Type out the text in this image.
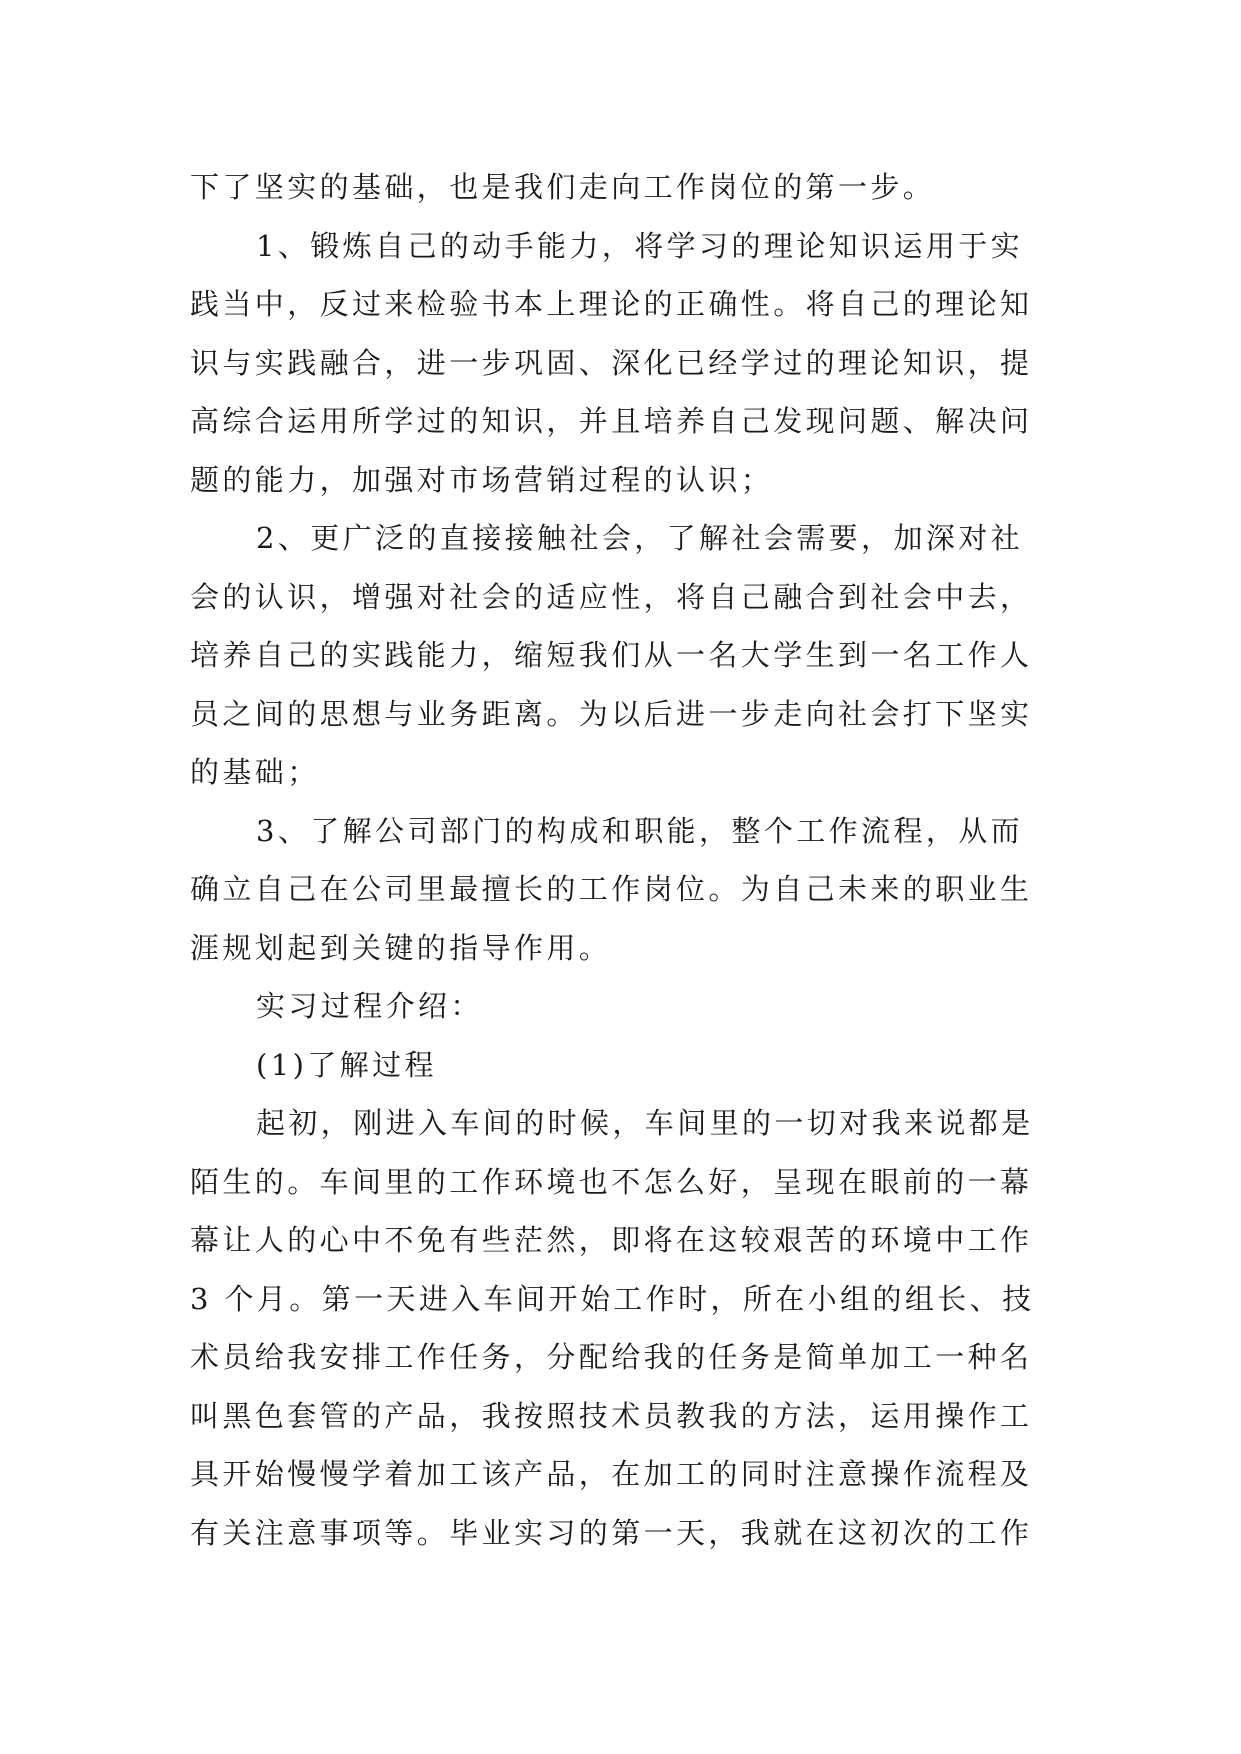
下了坚实的基础，也是我们走向工作岗位的第一步。
1、锻炼自己的动手能力，将学习的理论知识运用于实
践当中，反过来检验书本上理论的正确性。将自己的理论知
识与实践融合，进一步巩固、深化已经学过的理论知识，提
高综合运用所学过的知识，并且培养自己发现问题、解决问
题的能力，加强对市场营销过程的认识；
2、更广泛的直接接触社会，了解社会需要，加深对社
会的认识，增强对社会的适应性，将自己融合到社会中去，
培养自己的实践能力，缩短我们从一名大学生到一名工作人
员之间的思想与业务距离。为以后进一步走向社会打下坚实
的基础；
3、了解公司部门的构成和职能，整个工作流程，从而
确立自己在公司里最擅长的工作岗位。为自己未来的职业生
涯规划起到关键的指导作用。
实习过程介绍：
(1)了解过程
起初，刚进入车间的时候，车间里的一切对我来说都是
陌生的。车间里的工作环境也不怎么好，呈现在眼前的一幕
幕让人的心中不免有些茫然，即将在这较艰苦的环境中工作
3 个月。第一天进入车间开始工作时，所在小组的组长、技
术员给我安排工作任务，分配给我的任务是简单加工一种名
叫黑色套管的产品，我按照技术员教我的方法，运用操作工
具开始慢慢学着加工该产品，在加工的同时注意操作流程及
有关注意事项等。毕业实习的第一天，我就在这初次的工作
